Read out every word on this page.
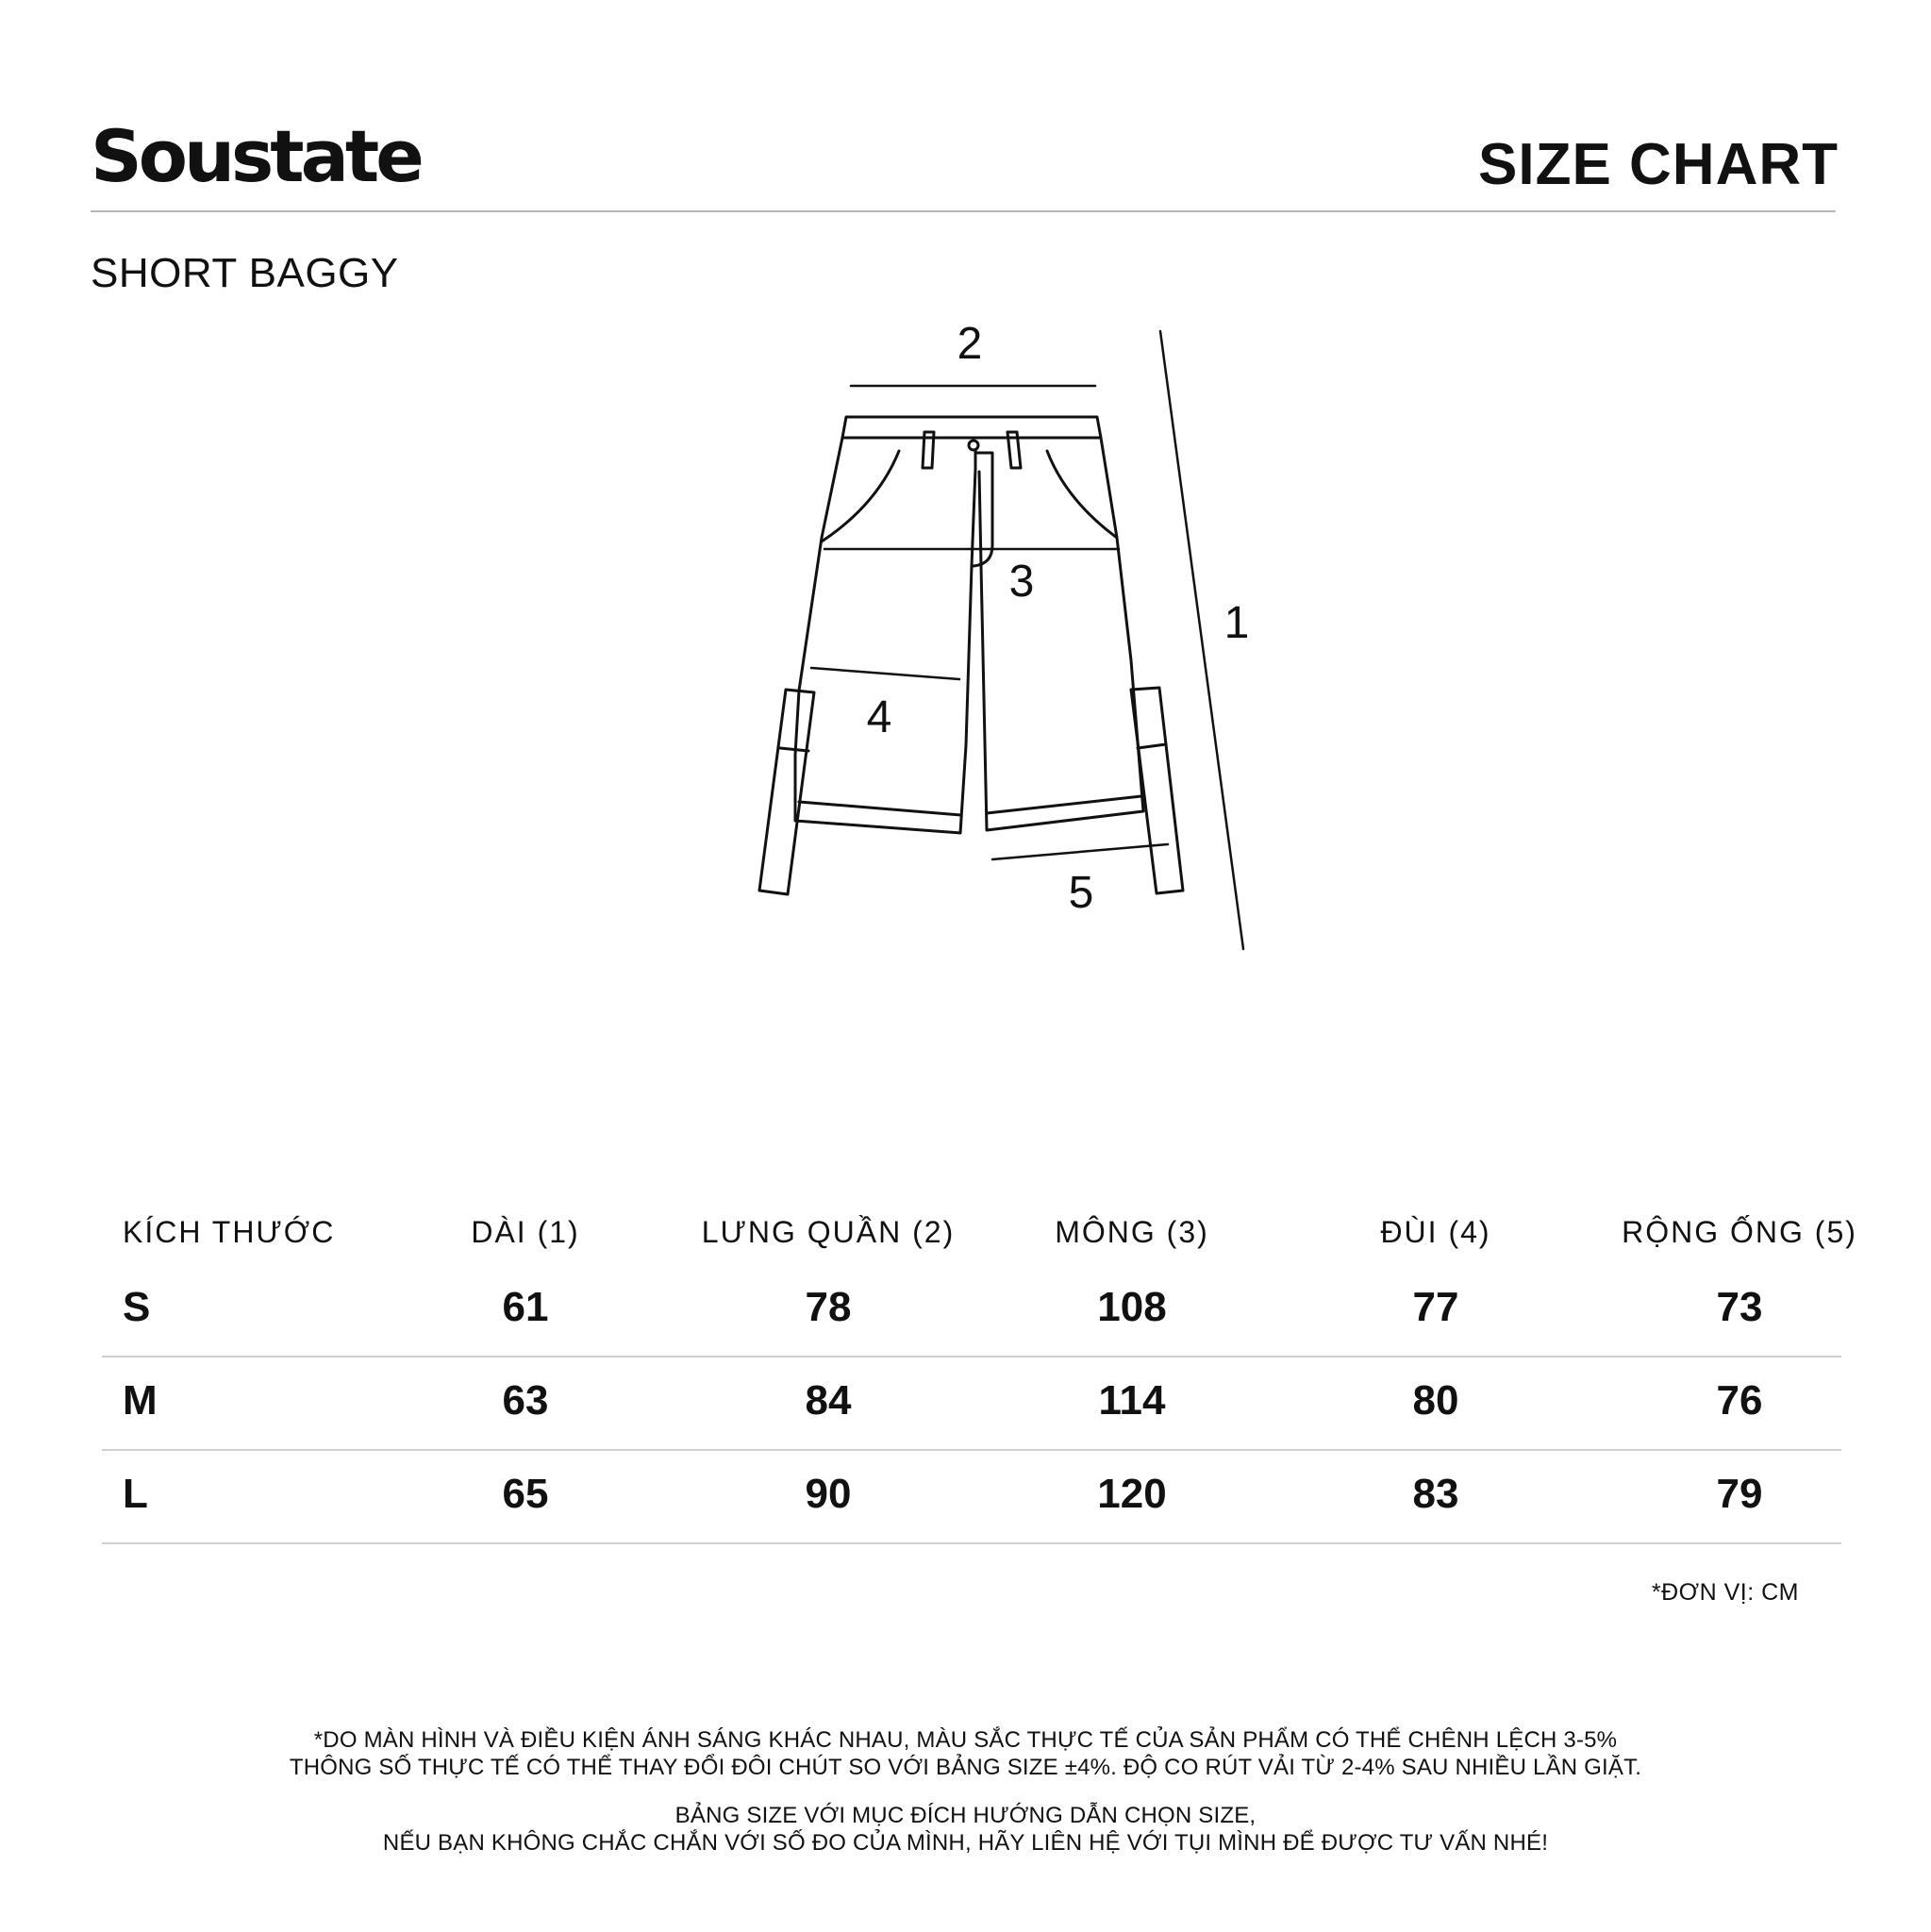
Soustate	SIZE CHART
SHORT BAGGY
2
3
4
5
1
KÍCH THƯỚC	DÀI (1)	LƯNG QUẦN (2)	MÔNG (3)	ĐÙI (4)	RỘNG ỐNG (5)
S	61	78	108	77	73
M	63	84	114	80	76
L	65	90	120	83	79
*ĐƠN VỊ: CM
*DO MÀN HÌNH VÀ ĐIỀU KIỆN ÁNH SÁNG KHÁC NHAU, MÀU SẮC THỰC TẾ CỦA SẢN PHẨM CÓ THỂ CHÊNH LỆCH 3-5%
THÔNG SỐ THỰC TẾ CÓ THỂ THAY ĐỔI ĐÔI CHÚT SO VỚI BẢNG SIZE ±4%. ĐỘ CO RÚT VẢI TỪ 2-4% SAU NHIỀU LẦN GIẶT.
BẢNG SIZE VỚI MỤC ĐÍCH HƯỚNG DẪN CHỌN SIZE,
NẾU BẠN KHÔNG CHẮC CHẮN VỚI SỐ ĐO CỦA MÌNH, HÃY LIÊN HỆ VỚI TỤI MÌNH ĐỂ ĐƯỢC TƯ VẤN NHÉ!
